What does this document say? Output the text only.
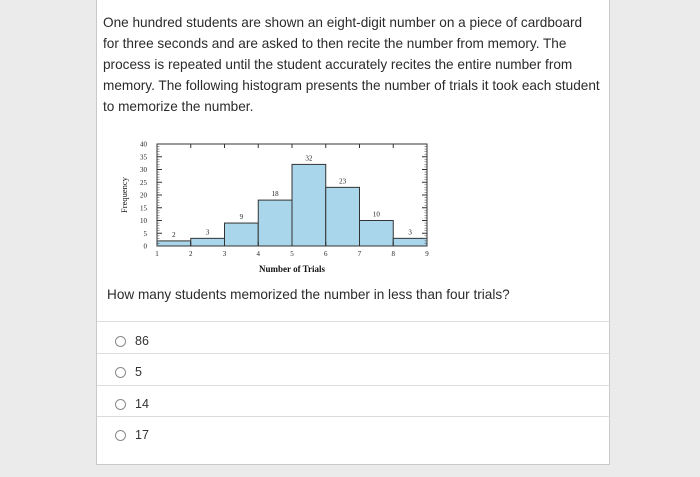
One hundred students are shown an eight-digit number on a piece of cardboard for three seconds and are asked to then recite the number from memory. The process is repeated until the student accurately recites the entire number from memory. The following histogram presents the number of trials it took each student to memorize the number.

2	3
9
18
32
23
10
3
0
5
10
15
20
25
30
35
40
1	2	3	4	5	6	7	8	9
Number of Trials
Frequency

How many students memorized the number in less than four trials?

86
5
14
17
